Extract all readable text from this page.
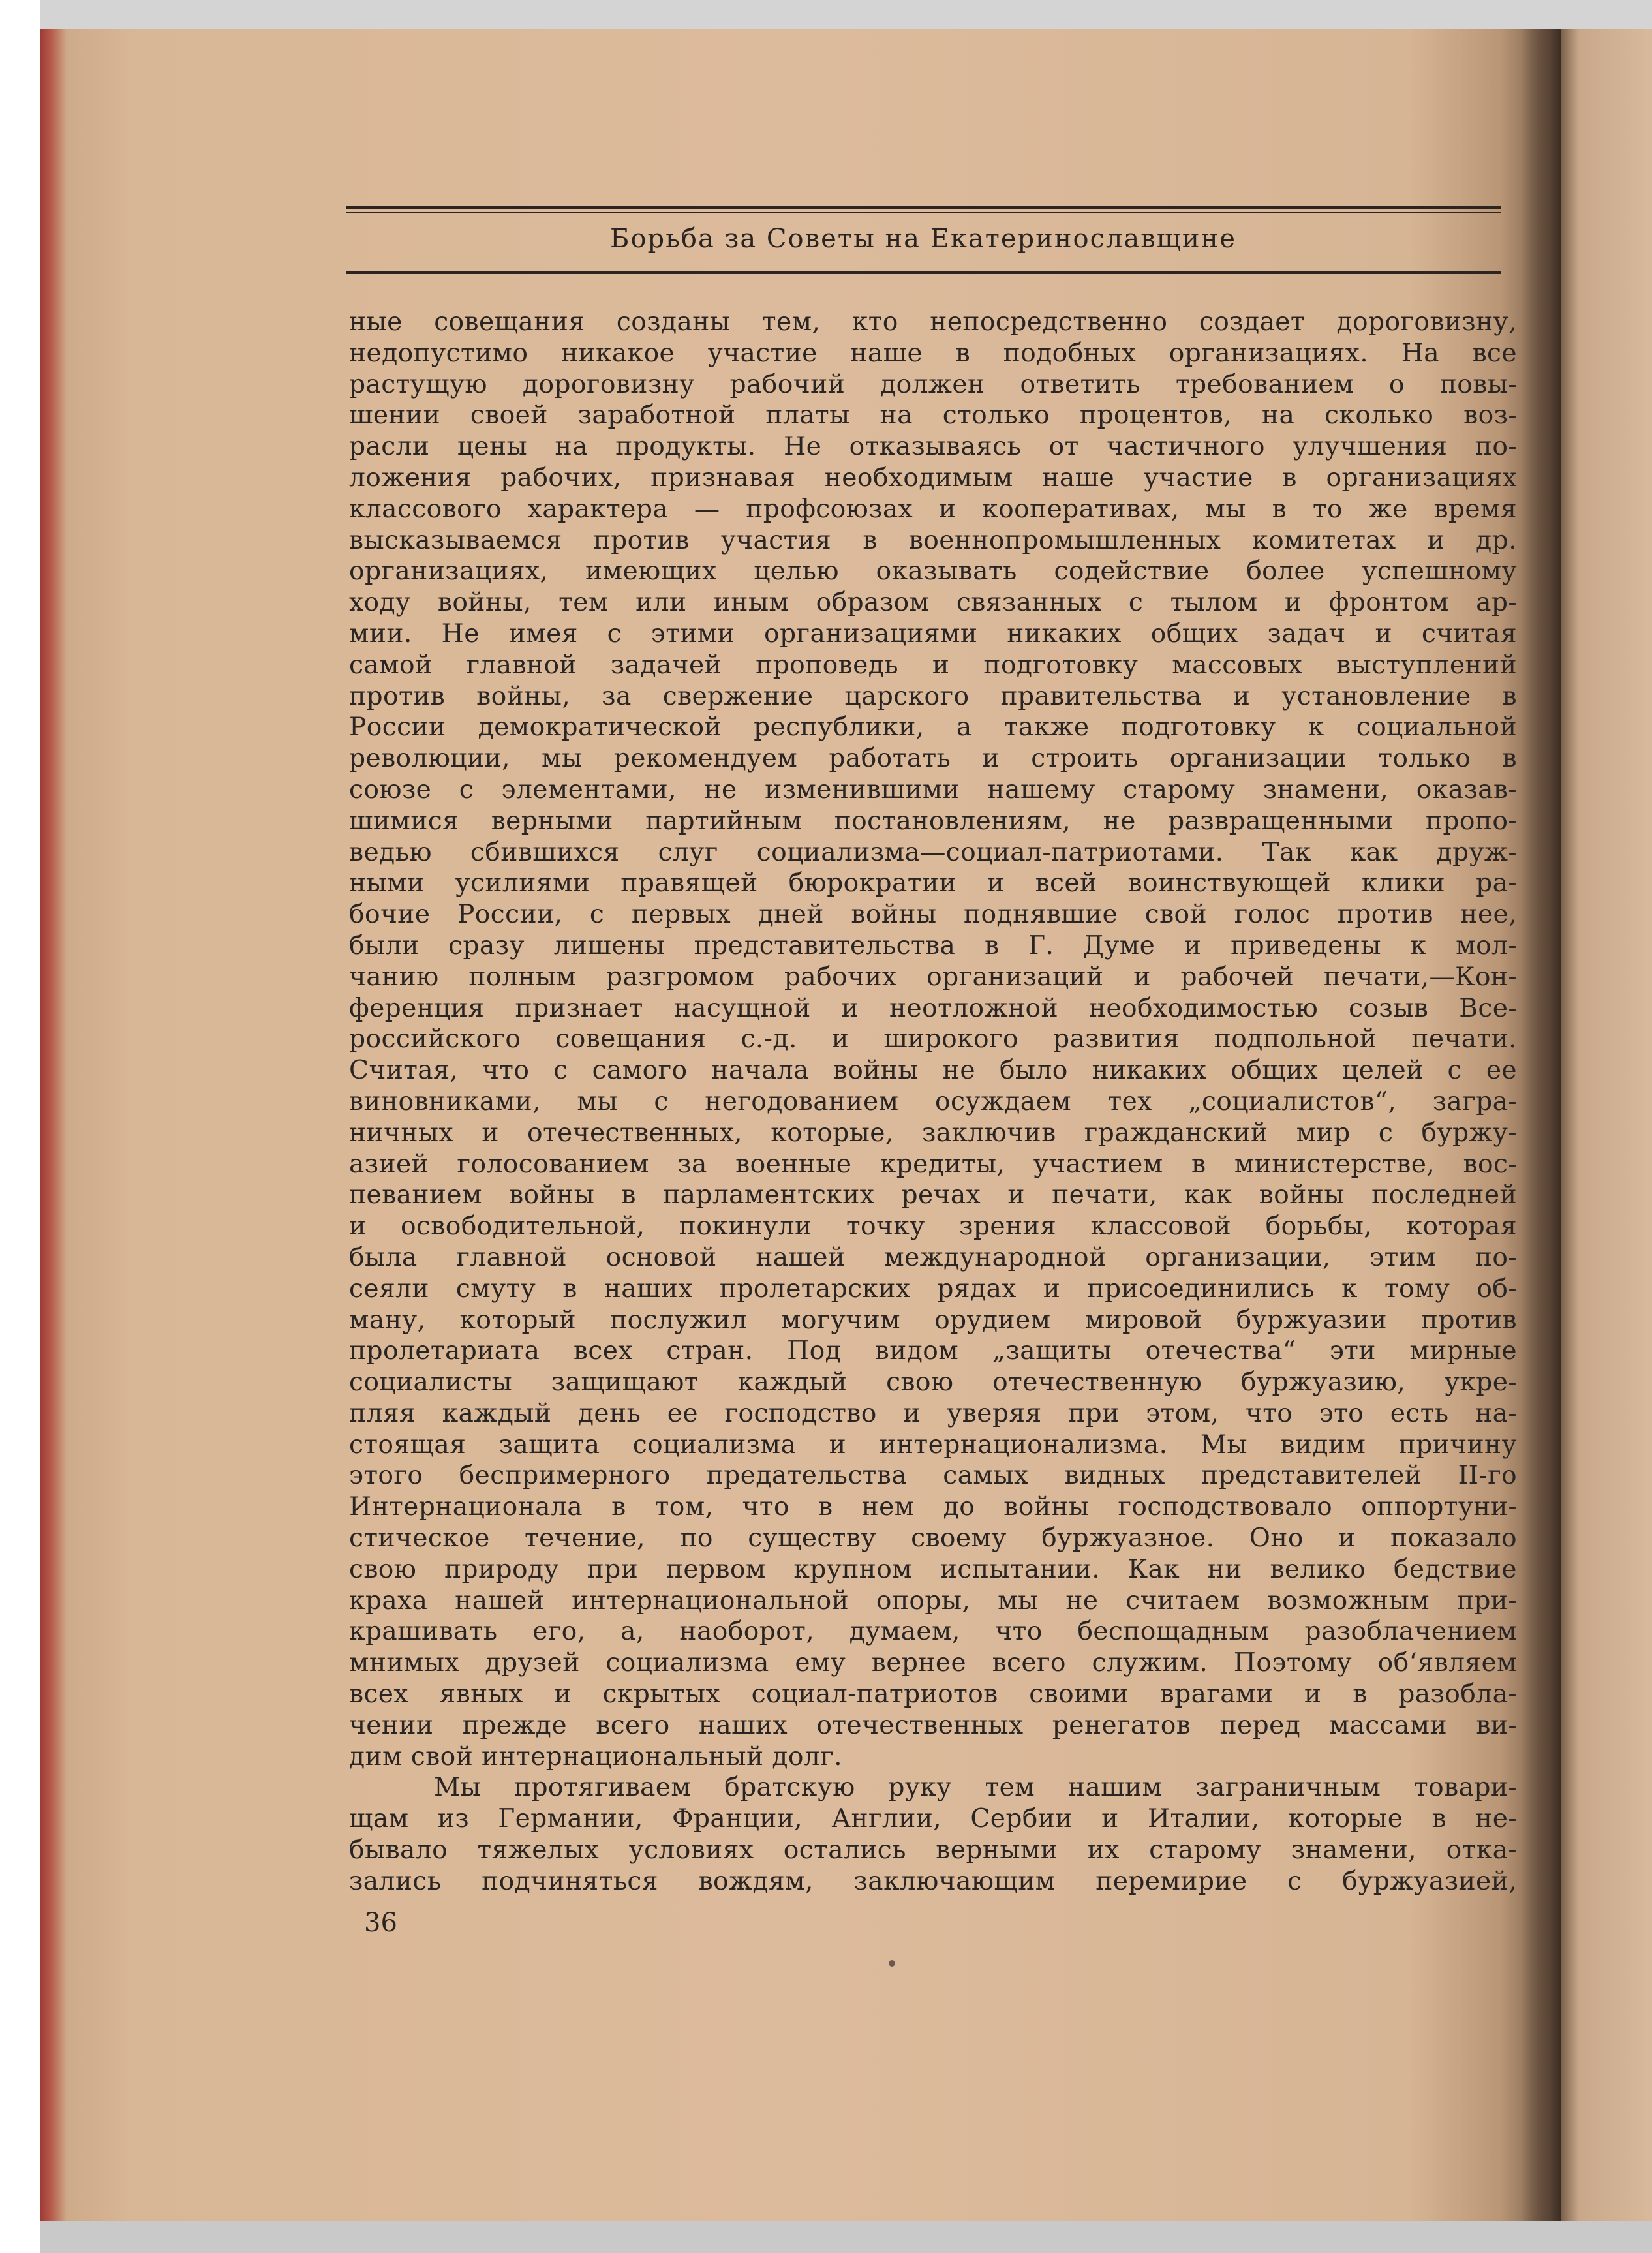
Борьба за Советы на Екатеринославщине
ные совещания созданы тем, кто непосредственно создает дороговизну,
недопустимо никакое участие наше в подобных организациях. На все
растущую дороговизну рабочий должен ответить требованием о повы-
шении своей заработной платы на столько процентов, на сколько воз-
расли цены на продукты. Не отказываясь от частичного улучшения по-
ложения рабочих, признавая необходимым наше участие в организациях
классового характера — профсоюзах и кооперативах, мы в то же время
высказываемся против участия в военнопромышленных комитетах и др.
организациях, имеющих целью оказывать содействие более успешному
ходу войны, тем или иным образом связанных с тылом и фронтом ар-
мии. Не имея с этими организациями никаких общих задач и считая
самой главной задачей проповедь и подготовку массовых выступлений
против войны, за свержение царского правительства и установление в
России демократической республики, а также подготовку к социальной
революции, мы рекомендуем работать и строить организации только в
союзе с элементами, не изменившими нашему старому знамени, оказав-
шимися верными партийным постановлениям, не развращенными пропо-
ведью сбившихся слуг социализма—социал-патриотами. Так как друж-
ными усилиями правящей бюрократии и всей воинствующей клики ра-
бочие России, с первых дней войны поднявшие свой голос против нее,
были сразу лишены представительства в Г. Думе и приведены к мол-
чанию полным разгромом рабочих организаций и рабочей печати,—Кон-
ференция признает насущной и неотложной необходимостью созыв Все-
российского совещания с.-д. и широкого развития подпольной печати.
Считая, что с самого начала войны не было никаких общих целей с ее
виновниками, мы с негодованием осуждаем тех „социалистов“, загра-
ничных и отечественных, которые, заключив гражданский мир с буржу-
азией голосованием за военные кредиты, участием в министерстве, вос-
певанием войны в парламентских речах и печати, как войны последней
и освободительной, покинули точку зрения классовой борьбы, которая
была главной основой нашей международной организации, этим по-
сеяли смуту в наших пролетарских рядах и присоединились к тому об-
ману, который послужил могучим орудием мировой буржуазии против
пролетариата всех стран. Под видом „защиты отечества“ эти мирные
социалисты защищают каждый свою отечественную буржуазию, укре-
пляя каждый день ее господство и уверяя при этом, что это есть на-
стоящая защита социализма и интернационализма. Мы видим причину
этого беспримерного предательства самых видных представителей II-го
Интернационала в том, что в нем до войны господствовало оппортуни-
стическое течение, по существу своему буржуазное. Оно и показало
свою природу при первом крупном испытании. Как ни велико бедствие
краха нашей интернациональной опоры, мы не считаем возможным при-
крашивать его, а, наоборот, думаем, что беспощадным разоблачением
мнимых друзей социализма ему вернее всего служим. Поэтому об‘являем
всех явных и скрытых социал-патриотов своими врагами и в разобла-
чении прежде всего наших отечественных ренегатов перед массами ви-
дим свой интернациональный долг.
Мы протягиваем братскую руку тем нашим заграничным товари-
щам из Германии, Франции, Англии, Сербии и Италии, которые в не-
бывало тяжелых условиях остались верными их старому знамени, отка-
зались подчиняться вождям, заключающим перемирие с буржуазией,
36
